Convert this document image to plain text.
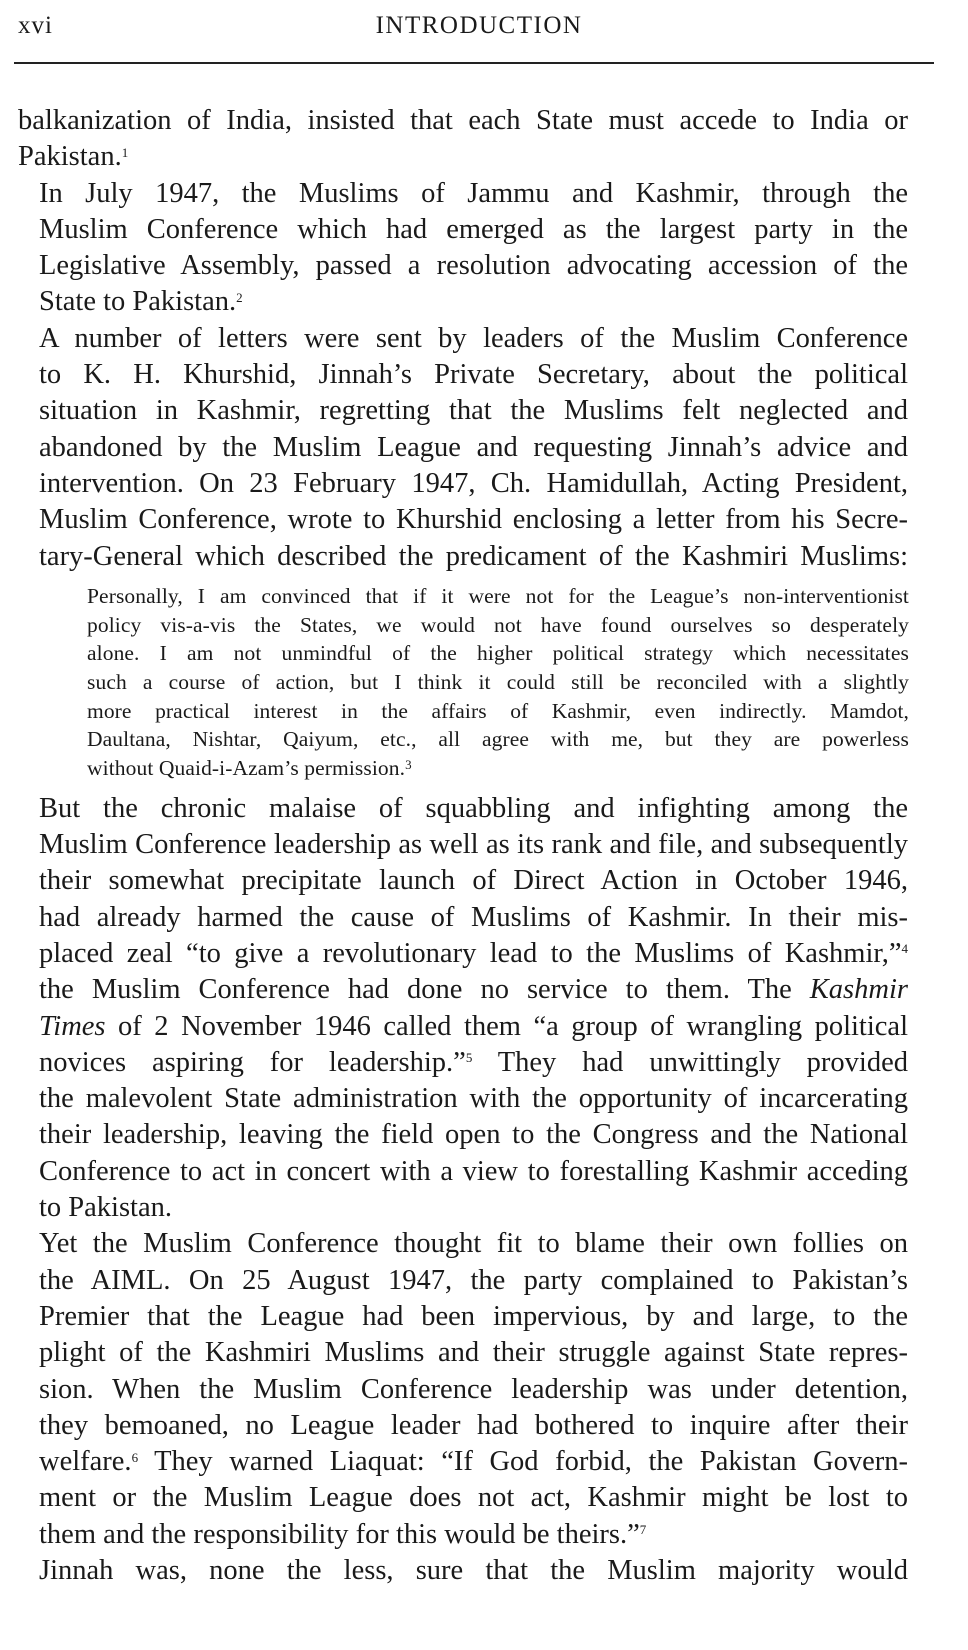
xvi	INTRODUCTION

balkanization of India, insisted that each State must accede to India or
Pakistan.$^1$

In July 1947, the Muslims of Jammu and Kashmir, through the
Muslim Conference which had emerged as the largest party in the
Legislative Assembly, passed a resolution advocating accession of the
State to Pakistan.$^2$

A number of letters were sent by leaders of the Muslim Conference
to K. H. Khurshid, Jinnah’s Private Secretary, about the political
situation in Kashmir, regretting that the Muslims felt neglected and
abandoned by the Muslim League and requesting Jinnah’s advice and
intervention. On 23 February 1947, Ch. Hamidullah, Acting President,
Muslim Conference, wrote to Khurshid enclosing a letter from his Secre-
tary-General which described the predicament of the Kashmiri Muslims:

Personally, I am convinced that if it were not for the League’s non-interventionist
policy vis-a-vis the States, we would not have found ourselves so desperately
alone. I am not unmindful of the higher political strategy which necessitates
such a course of action, but I think it could still be reconciled with a slightly
more practical interest in the affairs of Kashmir, even indirectly. Mamdot,
Daultana, Nishtar, Qaiyum, etc., all agree with me, but they are powerless
without Quaid-i-Azam’s permission.$^3$

But the chronic malaise of squabbling and infighting among the
Muslim Conference leadership as well as its rank and file, and subsequently
their somewhat precipitate launch of Direct Action in October 1946,
had already harmed the cause of Muslims of Kashmir. In their mis-
placed zeal “to give a revolutionary lead to the Muslims of Kashmir,”$^4$
the Muslim Conference had done no service to them. The Kashmir
Times of 2 November 1946 called them “a group of wrangling political
novices aspiring for leadership.”$^5$ They had unwittingly provided
the malevolent State administration with the opportunity of incarcerating
their leadership, leaving the field open to the Congress and the National
Conference to act in concert with a view to forestalling Kashmir acceding
to Pakistan.

Yet the Muslim Conference thought fit to blame their own follies on
the AIML. On 25 August 1947, the party complained to Pakistan’s
Premier that the League had been impervious, by and large, to the
plight of the Kashmiri Muslims and their struggle against State repres-
sion. When the Muslim Conference leadership was under detention,
they bemoaned, no League leader had bothered to inquire after their
welfare.$^6$ They warned Liaquat: “If God forbid, the Pakistan Govern-
ment or the Muslim League does not act, Kashmir might be lost to
them and the responsibility for this would be theirs.”$^7$

Jinnah was, none the less, sure that the Muslim majority would
